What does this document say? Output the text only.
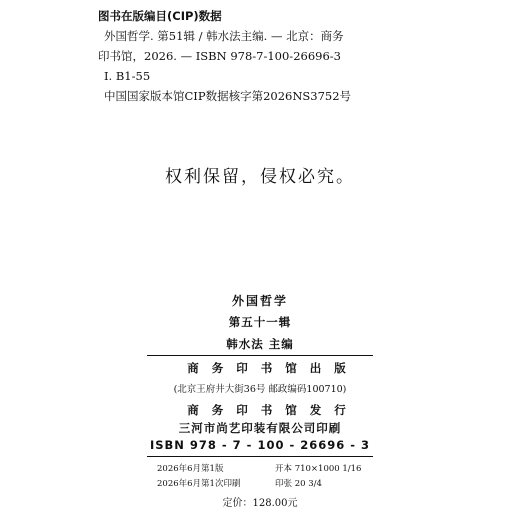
图书在版编目(CIP)数据
外国哲学. 第51辑 / 韩水法主编. — 北京：商务
印书馆，2026. — ISBN 978-7-100-26696-3
Ⅰ. B1-55
中国国家版本馆CIP数据核字第2026NS3752号
权利保留，侵权必究。
外国哲学
第五十一辑
韩水法 主编
商务印书馆出版
(北京王府井大街36号 邮政编码100710)
商务印书馆发行
三河市尚艺印装有限公司印刷
ISBN 978 - 7 - 100 - 26696 - 3
2026年6月第1版
2026年6月第1次印刷
开本 710×1000 1/16
印张 20 3/4
定价：128.00元
